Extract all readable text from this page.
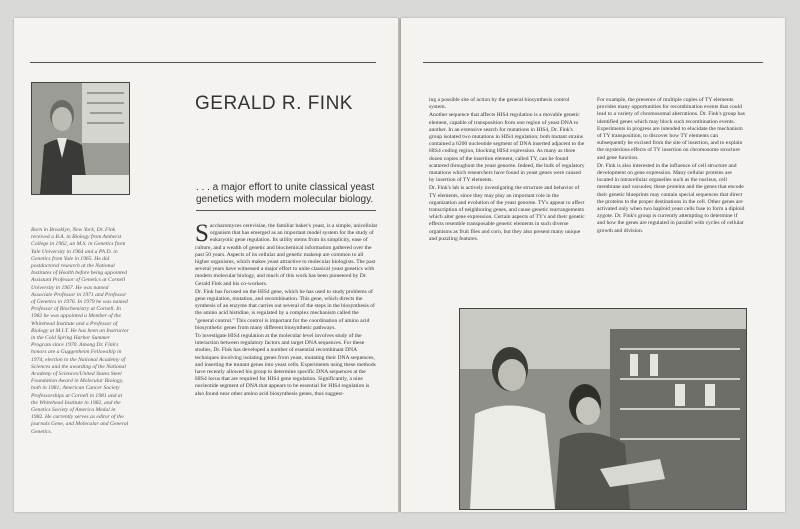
GERALD R. FINK
. . . a major effort to unite classical yeast
genetics with modern molecular biology.
Born in Brooklyn, New York, Dr. Fink received a B.A. in Biology from Amherst College in 1962, an M.S. in Genetics from Yale University in 1964 and a Ph.D. in Genetics from Yale in 1965. He did postdoctoral research at the National Institutes of Health before being appointed Assistant Professor of Genetics at Cornell University in 1967. He was named Associate Professor in 1971 and Professor of Genetics in 1976. In 1979 he was named Professor of Biochemistry at Cornell. In 1982 he was appointed a Member of the Whitehead Institute and a Professor of Biology at M.I.T. He has been an Instructor in the Cold Spring Harbor Summer Program since 1970. Among Dr. Fink's honors are a Guggenheim Fellowship in 1974, election to the National Academy of Sciences and the awarding of the National Academy of Sciences/United States Steel Foundation Award in Molecular Biology, both in 1981; American Cancer Society Professorships at Cornell in 1981 and at the Whitehead Institute in 1982, and the Genetics Society of America Medal in 1982. He currently serves as editor of the journals Gene, and Molecular and General Genetics.

Saccharomyces cerevisiae, the familiar baker's yeast, is a simple, unicellular organism that has emerged as an important model system for the study of eukaryotic gene regulation. Its utility stems from its simplicity, ease of culture, and a wealth of genetic and biochemical information gathered over the past 50 years. Aspects of its cellular and genetic makeup are common to all higher organisms, which makes yeast attractive to molecular biologists. The past several years have witnessed a major effort to unite classical yeast genetics with modern molecular biology, and much of this work has been pioneered by Dr. Gerald Fink and his co-workers.

Dr. Fink has focused on the HIS4 gene, which he has used to study problems of gene regulation, mutation, and recombination. This gene, which directs the synthesis of an enzyme that carries out several of the steps in the biosynthesis of the amino acid histidine, is regulated by a complex mechanism called the "general control." This control is important for the coordination of amino acid biosynthetic genes from many different biosynthetic pathways.

To investigate HIS4 regulation at the molecular level involves study of the interaction between regulatory factors and target DNA sequences. For these studies, Dr. Fink has developed a number of essential recombinant DNA techniques involving isolating genes from yeast, mutating their DNA sequences, and inserting the mutant genes into yeast cells. Experiments using these methods have recently allowed his group to determine specific DNA sequences at the HIS4 locus that are required for HIS4 gene regulation. Significantly, a nine nucleotide segment of DNA that appears to be essential for HIS4 regulation is also found near other amino acid biosynthesis genes, thus suggest-

ing a possible site of action by the general biosynthesis control system.

Another sequence that affects HIS4 regulation is a movable genetic element, capable of transposition from one region of yeast DNA to another. In an extensive search for mutations in HIS4, Dr. Fink's group isolated two mutations in HIS4 regulation; both mutant strains contained a 6200 nucleotide segment of DNA inserted adjacent to the HIS4 coding region, blocking HIS4 expression. As many as three dozen copies of the insertion element, called TY, can be found scattered throughout the yeast genome. Indeed, the bulk of regulatory mutations which researchers have found in yeast genes were caused by insertion of TY elements.

Dr. Fink's lab is actively investigating the structure and behavior of TY elements, since they may play an important role in the organization and evolution of the yeast genome. TY's appear to affect transcription of neighboring genes, and cause genetic rearrangements which alter gene expression. Certain aspects of TY's and their genetic effects resemble transposable genetic elements in such diverse organisms as fruit flies and corn, but they also present many unique and puzzling features.

For example, the presence of multiple copies of TY elements provides many opportunities for recombination events that could lead to a variety of chromosomal aberrations. Dr. Fink's group has identified genes which may block such recombination events. Experiments in progress are intended to elucidate the mechanism of TY transposition, to discover how TY elements can subsequently be excised from the site of insertion, and to explain the mysterious effects of TY insertion on chromosome structure and gene function.

Dr. Fink is also interested in the influence of cell structure and development on gene expression. Many cellular proteins are located in intracellular organelles such as the nucleus, cell membrane and vacuoles; these proteins and the genes that encode their genetic blueprints may contain special sequences that direct the proteins to the proper destinations in the cell. Other genes are activated only when two haploid yeast cells fuse to form a diploid zygote. Dr. Fink's group is currently attempting to determine if and how the genes are regulated in parallel with cycles of cellular growth and division.
